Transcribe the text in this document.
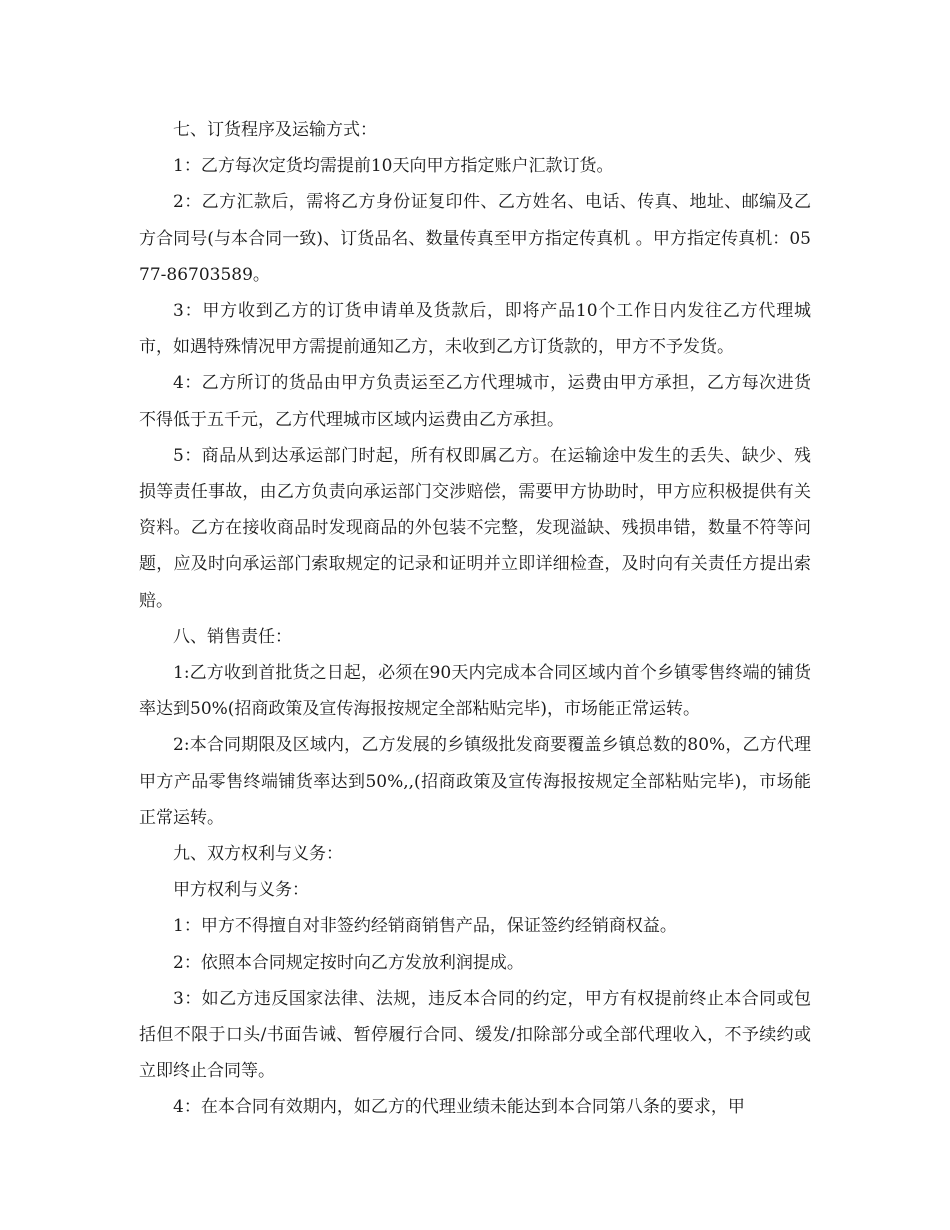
七、订货程序及运输方式：

1：乙方每次定货均需提前10天向甲方指定账户汇款订货。

2：乙方汇款后，需将乙方身份证复印件、乙方姓名、电话、传真、地址、邮编及乙方合同号(与本合同一致)、订货品名、数量传真至甲方指定传真机 。甲方指定传真机：0577-86703589。

3：甲方收到乙方的订货申请单及货款后，即将产品10个工作日内发往乙方代理城市，如遇特殊情况甲方需提前通知乙方，未收到乙方订货款的，甲方不予发货。

4：乙方所订的货品由甲方负责运至乙方代理城市，运费由甲方承担，乙方每次进货不得低于五千元，乙方代理城市区域内运费由乙方承担。

5：商品从到达承运部门时起，所有权即属乙方。在运输途中发生的丢失、缺少、残损等责任事故，由乙方负责向承运部门交涉赔偿，需要甲方协助时，甲方应积极提供有关资料。乙方在接收商品时发现商品的外包装不完整，发现溢缺、残损串错，数量不符等问题，应及时向承运部门索取规定的记录和证明并立即详细检查，及时向有关责任方提出索赔。

八、销售责任：

1:乙方收到首批货之日起，必须在90天内完成本合同区域内首个乡镇零售终端的铺货率达到50%(招商政策及宣传海报按规定全部粘贴完毕)，市场能正常运转。

2:本合同期限及区域内，乙方发展的乡镇级批发商要覆盖乡镇总数的80%，乙方代理甲方产品零售终端铺货率达到50%,,(招商政策及宣传海报按规定全部粘贴完毕)，市场能正常运转。

九、双方权利与义务：

甲方权利与义务：

1：甲方不得擅自对非签约经销商销售产品，保证签约经销商权益。

2：依照本合同规定按时向乙方发放利润提成。

3：如乙方违反国家法律、法规，违反本合同的约定，甲方有权提前终止本合同或包括但不限于口头/书面告诫、暂停履行合同、缓发/扣除部分或全部代理收入，不予续约或立即终止合同等。

4：在本合同有效期内，如乙方的代理业绩未能达到本合同第八条的要求，甲
